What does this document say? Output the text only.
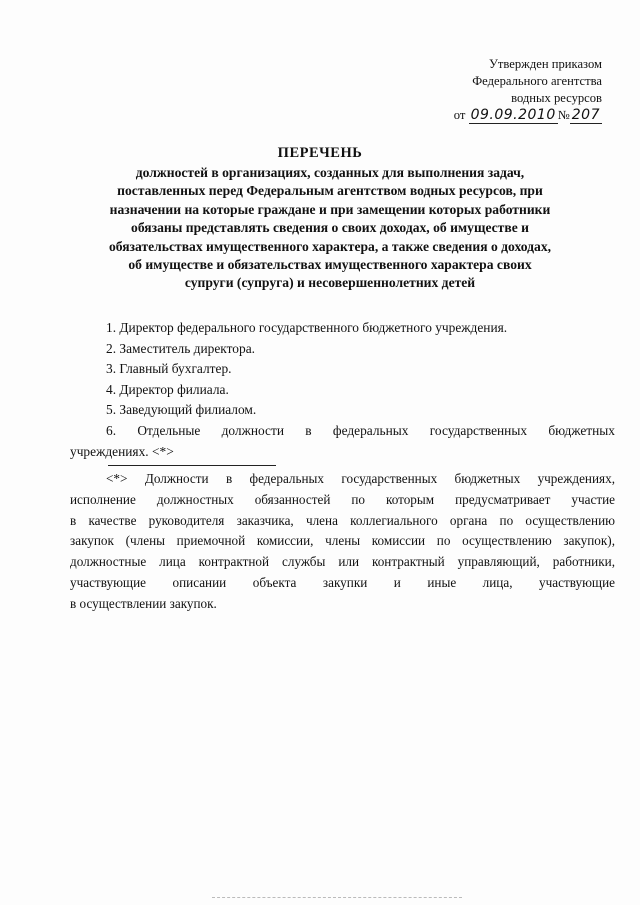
Утвержден приказом
Федерального агентства
водных ресурсов
от 09.09.2010 № 207
ПЕРЕЧЕНЬ
должностей в организациях, созданных для выполнения задач,
поставленных перед Федеральным агентством водных ресурсов, при
назначении на которые граждане и при замещении которых работники
обязаны представлять сведения о своих доходах, об имуществе и
обязательствах имущественного характера, а также сведения о доходах,
об имуществе и обязательствах имущественного характера своих
супруги (супруга) и несовершеннолетних детей
1. Директор федерального государственного бюджетного учреждения.
2. Заместитель директора.
3. Главный бухгалтер.
4. Директор филиала.
5. Заведующий филиалом.
6. Отдельные должности в федеральных государственных бюджетных
учреждениях. <*>
<*> Должности в федеральных государственных бюджетных учреждениях,
исполнение должностных обязанностей по которым предусматривает участие
в качестве руководителя заказчика, члена коллегиального органа по осуществлению
закупок (члены приемочной комиссии, члены комиссии по осуществлению закупок),
должностные лица контрактной службы или контрактный управляющий, работники,
участвующие описании объекта закупки и иные лица, участвующие
в осуществлении закупок.
